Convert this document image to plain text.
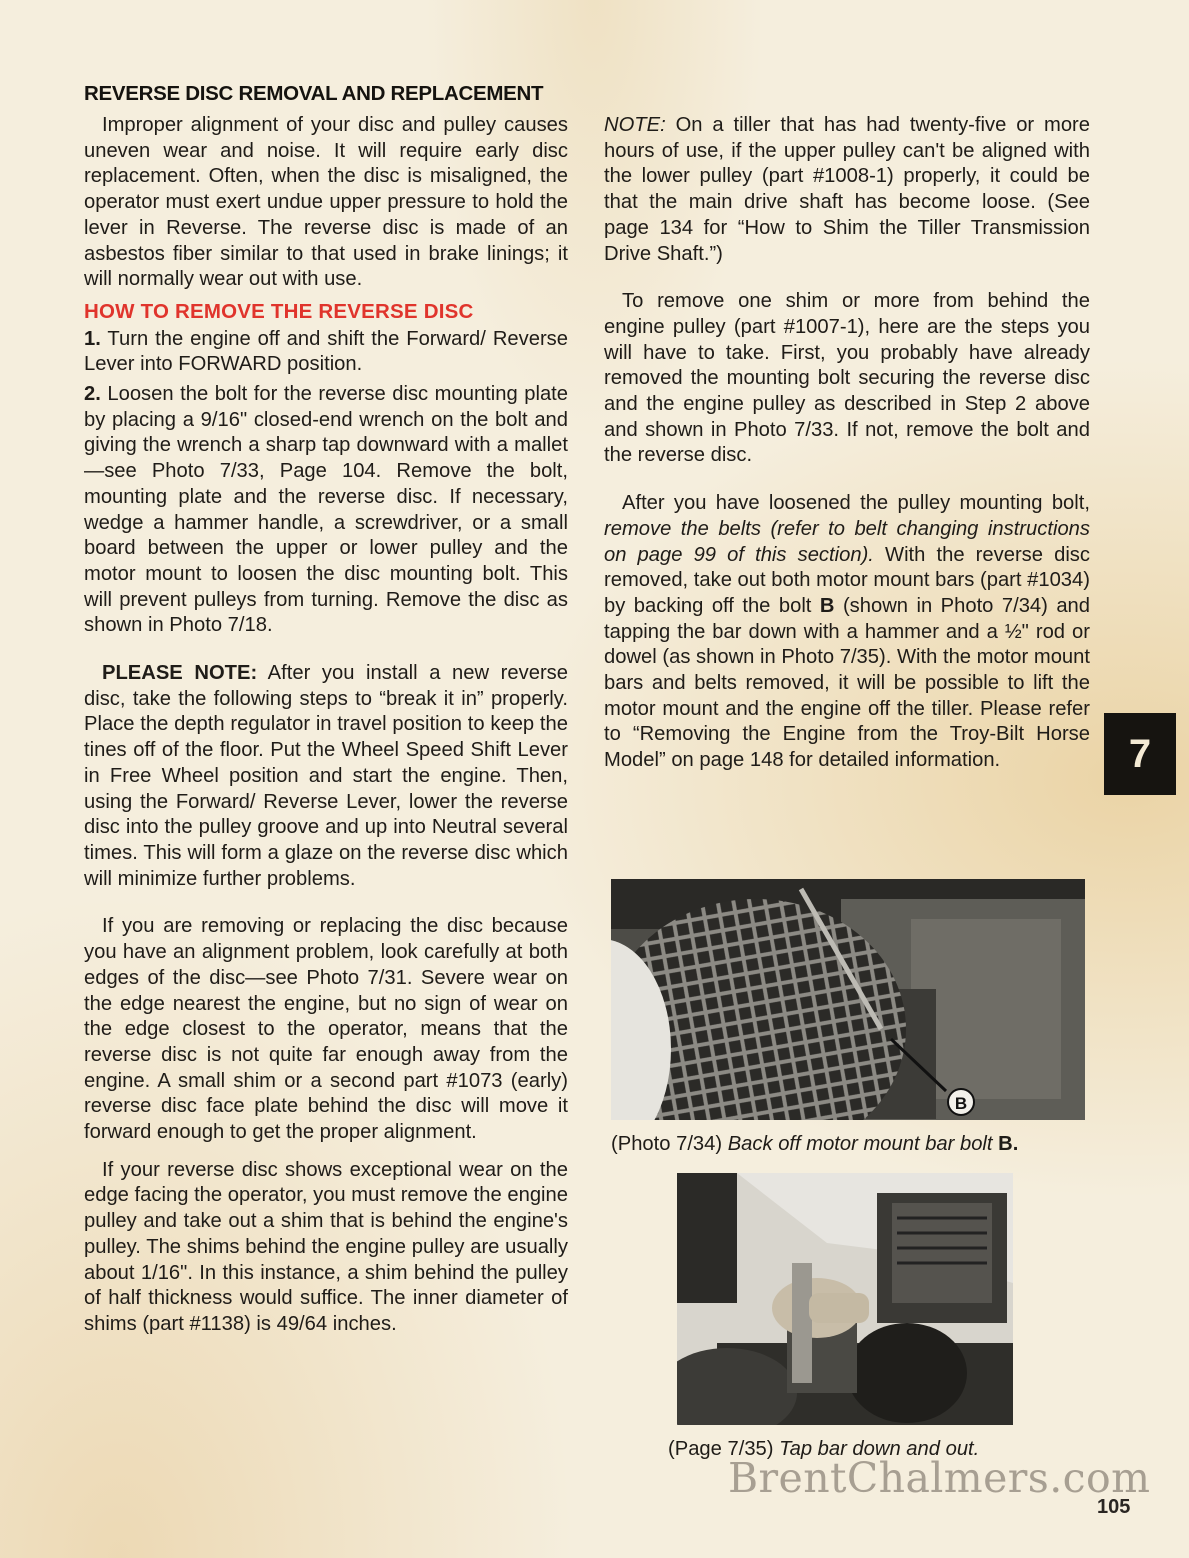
REVERSE DISC REMOVAL AND REPLACEMENT

Improper alignment of your disc and pulley causes uneven wear and noise. It will require early disc replacement. Often, when the disc is misaligned, the operator must exert undue upper pressure to hold the lever in Reverse. The reverse disc is made of an asbestos fiber similar to that used in brake linings; it will normally wear out with use.

HOW TO REMOVE THE REVERSE DISC

1. Turn the engine off and shift the Forward/ Reverse Lever into FORWARD position.

2. Loosen the bolt for the reverse disc mounting plate by placing a 9/16" closed-end wrench on the bolt and giving the wrench a sharp tap downward with a mallet—see Photo 7/33, Page 104. Remove the bolt, mounting plate and the reverse disc. If necessary, wedge a hammer handle, a screwdriver, or a small board between the upper or lower pulley and the motor mount to loosen the disc mounting bolt. This will prevent pulleys from turning. Remove the disc as shown in Photo 7/18.

PLEASE NOTE: After you install a new reverse disc, take the following steps to “break it in” properly. Place the depth regulator in travel position to keep the tines off of the floor. Put the Wheel Speed Shift Lever in Free Wheel position and start the engine. Then, using the Forward/ Reverse Lever, lower the reverse disc into the pulley groove and up into Neutral several times. This will form a glaze on the reverse disc which will minimize further problems.

If you are removing or replacing the disc because you have an alignment problem, look carefully at both edges of the disc—see Photo 7/31. Severe wear on the edge nearest the engine, but no sign of wear on the edge closest to the operator, means that the reverse disc is not quite far enough away from the engine. A small shim or a second part #1073 (early) reverse disc face plate behind the disc will move it forward enough to get the proper alignment.

If your reverse disc shows exceptional wear on the edge facing the operator, you must remove the engine pulley and take out a shim that is behind the engine's pulley. The shims behind the engine pulley are usually about 1/16". In this instance, a shim behind the pulley of half thickness would suffice. The inner diameter of shims (part #1138) is 49/64 inches.

NOTE: On a tiller that has had twenty-five or more hours of use, if the upper pulley can't be aligned with the lower pulley (part #1008-1) properly, it could be that the main drive shaft has become loose. (See page 134 for “How to Shim the Tiller Transmission Drive Shaft.”)

To remove one shim or more from behind the engine pulley (part #1007-1), here are the steps you will have to take. First, you probably have already removed the mounting bolt securing the reverse disc and the engine pulley as described in Step 2 above and shown in Photo 7/33. If not, remove the bolt and the reverse disc.

After you have loosened the pulley mounting bolt, remove the belts (refer to belt changing instructions on page 99 of this section). With the reverse disc removed, take out both motor mount bars (part #1034) by backing off the bolt B (shown in Photo 7/34) and tapping the bar down with a hammer and a ½" rod or dowel (as shown in Photo 7/35). With the motor mount bars and belts removed, it will be possible to lift the motor mount and the engine off the tiller. Please refer to “Removing the Engine from the Troy-Bilt Horse Model” on page 148 for detailed information.	7
B
(Photo 7/34) Back off motor mount bar bolt B.
(Page 7/35) Tap bar down and out.
BrentChalmers.com
105
